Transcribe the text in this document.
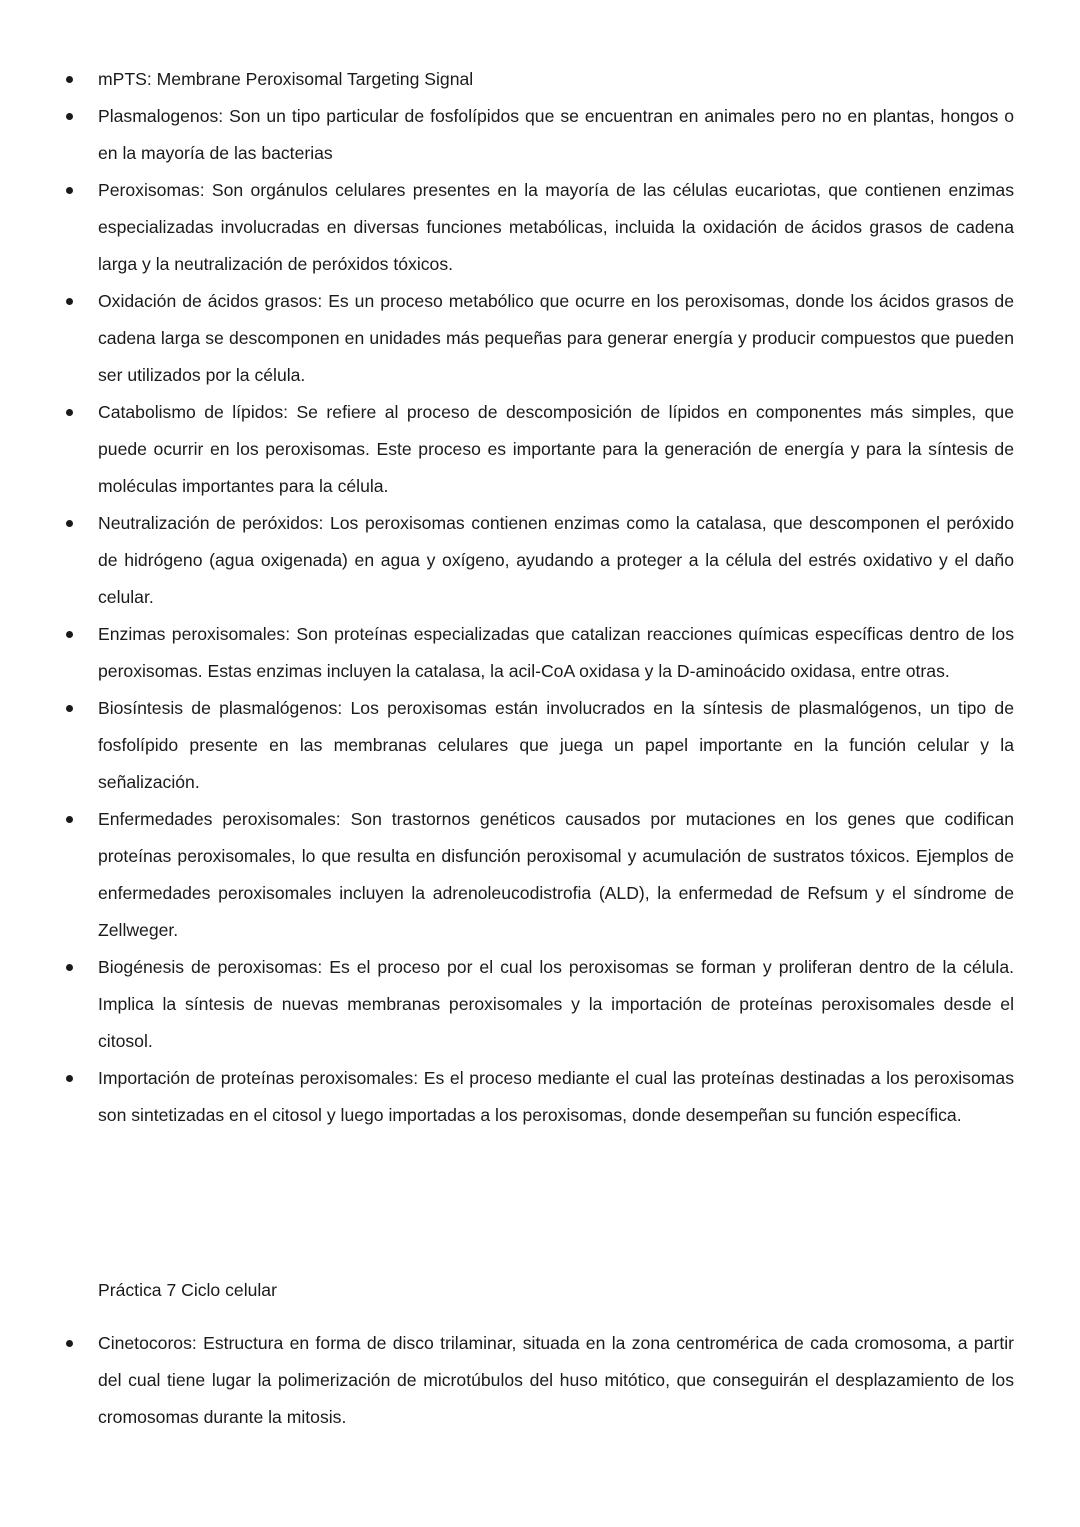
mPTS: Membrane Peroxisomal Targeting Signal
Plasmalogenos: Son un tipo particular de fosfolípidos que se encuentran en animales pero no en plantas, hongos o en la mayoría de las bacterias
Peroxisomas: Son orgánulos celulares presentes en la mayoría de las células eucariotas, que contienen enzimas especializadas involucradas en diversas funciones metabólicas, incluida la oxidación de ácidos grasos de cadena larga y la neutralización de peróxidos tóxicos.
Oxidación de ácidos grasos: Es un proceso metabólico que ocurre en los peroxisomas, donde los ácidos grasos de cadena larga se descomponen en unidades más pequeñas para generar energía y producir compuestos que pueden ser utilizados por la célula.
Catabolismo de lípidos: Se refiere al proceso de descomposición de lípidos en componentes más simples, que puede ocurrir en los peroxisomas. Este proceso es importante para la generación de energía y para la síntesis de moléculas importantes para la célula.
Neutralización de peróxidos: Los peroxisomas contienen enzimas como la catalasa, que descomponen el peróxido de hidrógeno (agua oxigenada) en agua y oxígeno, ayudando a proteger a la célula del estrés oxidativo y el daño celular.
Enzimas peroxisomales: Son proteínas especializadas que catalizan reacciones químicas específicas dentro de los peroxisomas. Estas enzimas incluyen la catalasa, la acil-CoA oxidasa y la D-aminoácido oxidasa, entre otras.
Biosíntesis de plasmalógenos: Los peroxisomas están involucrados en la síntesis de plasmalógenos, un tipo de fosfolípido presente en las membranas celulares que juega un papel importante en la función celular y la señalización.
Enfermedades peroxisomales: Son trastornos genéticos causados por mutaciones en los genes que codifican proteínas peroxisomales, lo que resulta en disfunción peroxisomal y acumulación de sustratos tóxicos. Ejemplos de enfermedades peroxisomales incluyen la adrenoleucodistrofia (ALD), la enfermedad de Refsum y el síndrome de Zellweger.
Biogénesis de peroxisomas: Es el proceso por el cual los peroxisomas se forman y proliferan dentro de la célula. Implica la síntesis de nuevas membranas peroxisomales y la importación de proteínas peroxisomales desde el citosol.
Importación de proteínas peroxisomales: Es el proceso mediante el cual las proteínas destinadas a los peroxisomas son sintetizadas en el citosol y luego importadas a los peroxisomas, donde desempeñan su función específica.
Práctica 7 Ciclo celular
Cinetocoros: Estructura en forma de disco trilaminar, situada en la zona centromérica de cada cromosoma, a partir del cual tiene lugar la polimerización de microtúbulos del huso mitótico, que conseguirán el desplazamiento de los cromosomas durante la mitosis.
